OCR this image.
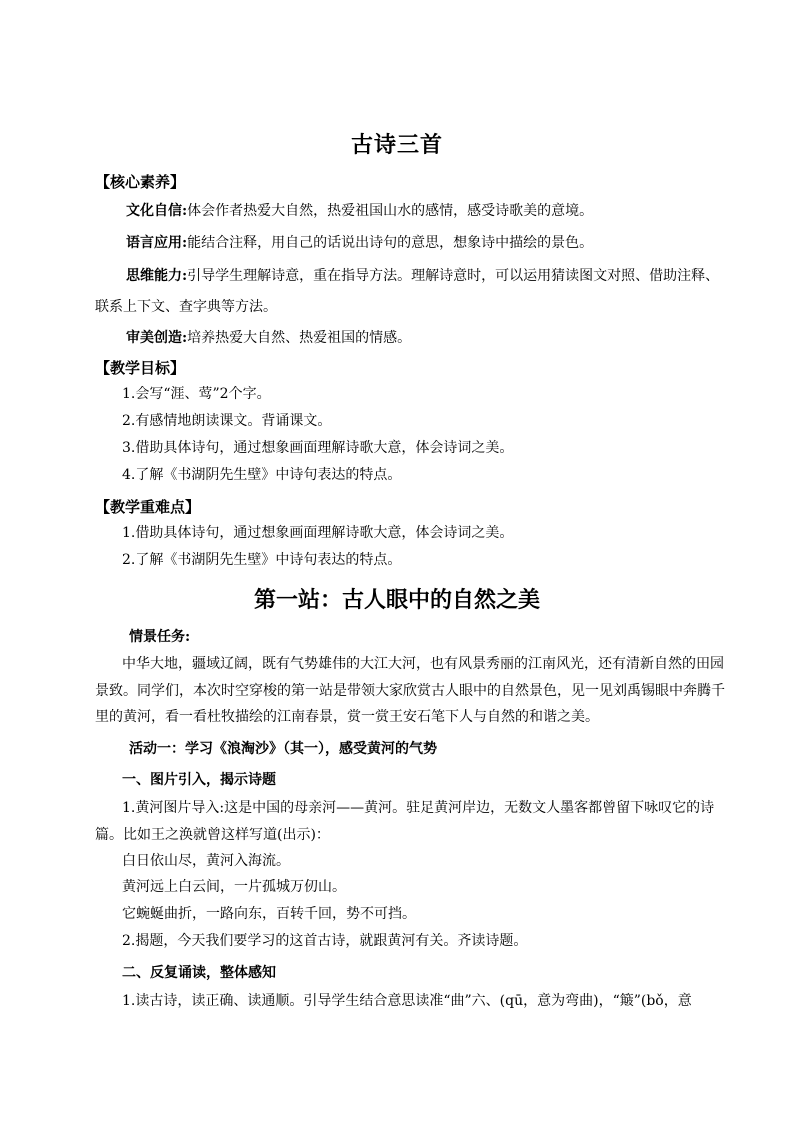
古诗三首
【核心素养】
文化自信:体会作者热爱大自然，热爱祖国山水的感情，感受诗歌美的意境。
语言应用:能结合注释，用自己的话说出诗句的意思，想象诗中描绘的景色。
思维能力:引导学生理解诗意，重在指导方法。理解诗意时，可以运用猜读图文对照、借助注释、
联系上下文、查字典等方法。
审美创造:培养热爱大自然、热爱祖国的情感。
【教学目标】
1.会写“涯、莺”2个字。
2.有感情地朗读课文。背诵课文。
3.借助具体诗句，通过想象画面理解诗歌大意，体会诗词之美。
4.了解《书湖阴先生壁》中诗句表达的特点。
【教学重难点】
1.借助具体诗句，通过想象画面理解诗歌大意，体会诗词之美。
2.了解《书湖阴先生壁》中诗句表达的特点。
第一站：古人眼中的自然之美
情景任务:
中华大地，疆域辽阔，既有气势雄伟的大江大河，也有风景秀丽的江南风光，还有清新自然的田园
景致。同学们，本次时空穿梭的第一站是带领大家欣赏古人眼中的自然景色，见一见刘禹锡眼中奔腾千
里的黄河，看一看杜牧描绘的江南春景，赏一赏王安石笔下人与自然的和谐之美。
活动一：学习《浪淘沙》（其一），感受黄河的气势
一、图片引入，揭示诗题
1.黄河图片导入:这是中国的母亲河——黄河。驻足黄河岸边，无数文人墨客都曾留下咏叹它的诗
篇。比如王之涣就曾这样写道(出示)：
白日依山尽，黄河入海流。
黄河远上白云间，一片孤城万仞山。
它蜿蜒曲折，一路向东，百转千回，势不可挡。
2.揭题，今天我们要学习的这首古诗，就跟黄河有关。齐读诗题。
二、反复诵读，整体感知
1.读古诗，读正确、读通顺。引导学生结合意思读准“曲”六、(qū，意为弯曲)，“簸”(bǒ，意
